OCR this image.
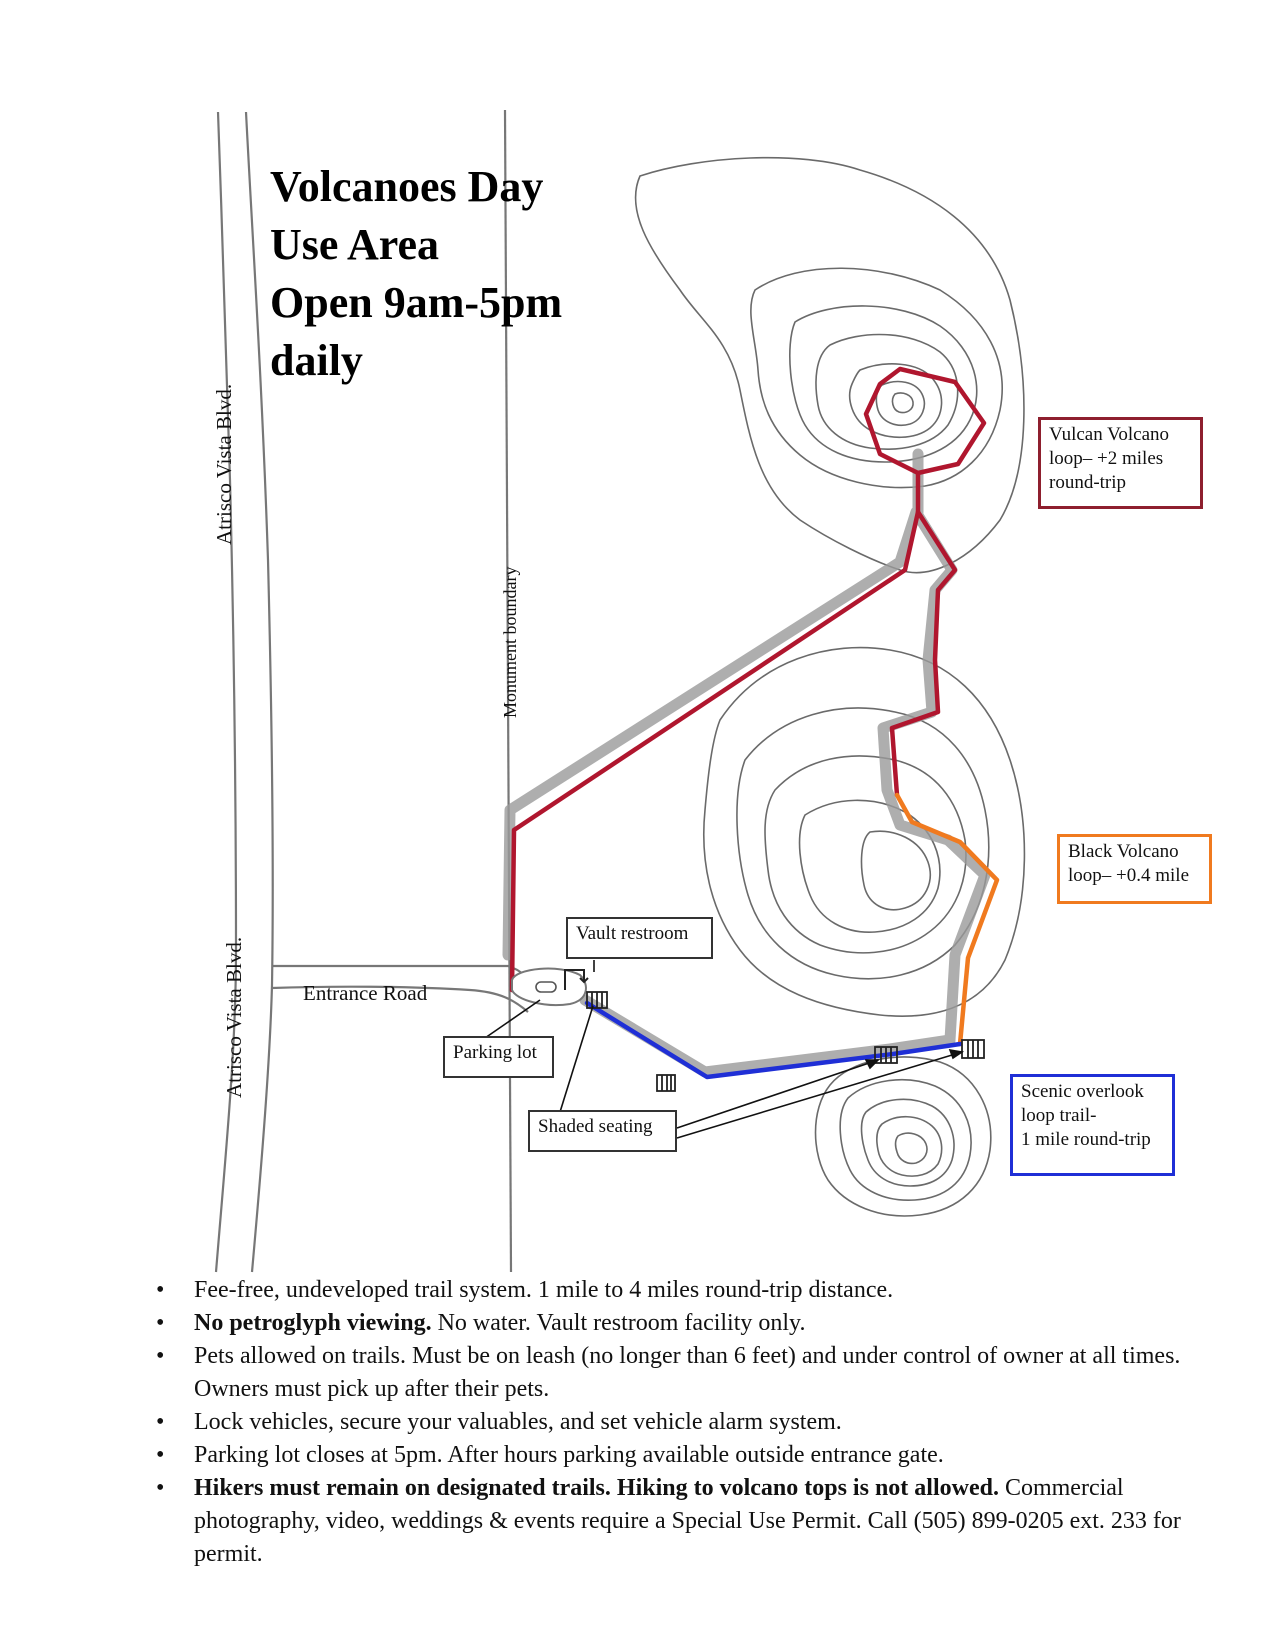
Volcanoes Day
Use Area
Open 9am-5pm
daily
Atrisco Vista Blvd.
Atrisco Vista Blvd.
Monument boundary
Entrance Road
Vault restroom
Parking lot
Shaded seating
Vulcan Volcano
loop– +2 miles
round-trip
Black Volcano
loop– +0.4 mile
Scenic overlook
loop trail-
1 mile round-trip
• Fee-free, undeveloped trail system. 1 mile to 4 miles round-trip distance.
• No petroglyph viewing. No water. Vault restroom facility only.
• Pets allowed on trails. Must be on leash (no longer than 6 feet) and under control of owner at all times. Owners must pick up after their pets.
• Lock vehicles, secure your valuables, and set vehicle alarm system.
• Parking lot closes at 5pm. After hours parking available outside entrance gate.
• Hikers must remain on designated trails. Hiking to volcano tops is not allowed. Commercial photography, video, weddings & events require a Special Use Permit. Call (505) 899-0205 ext. 233 for permit.
